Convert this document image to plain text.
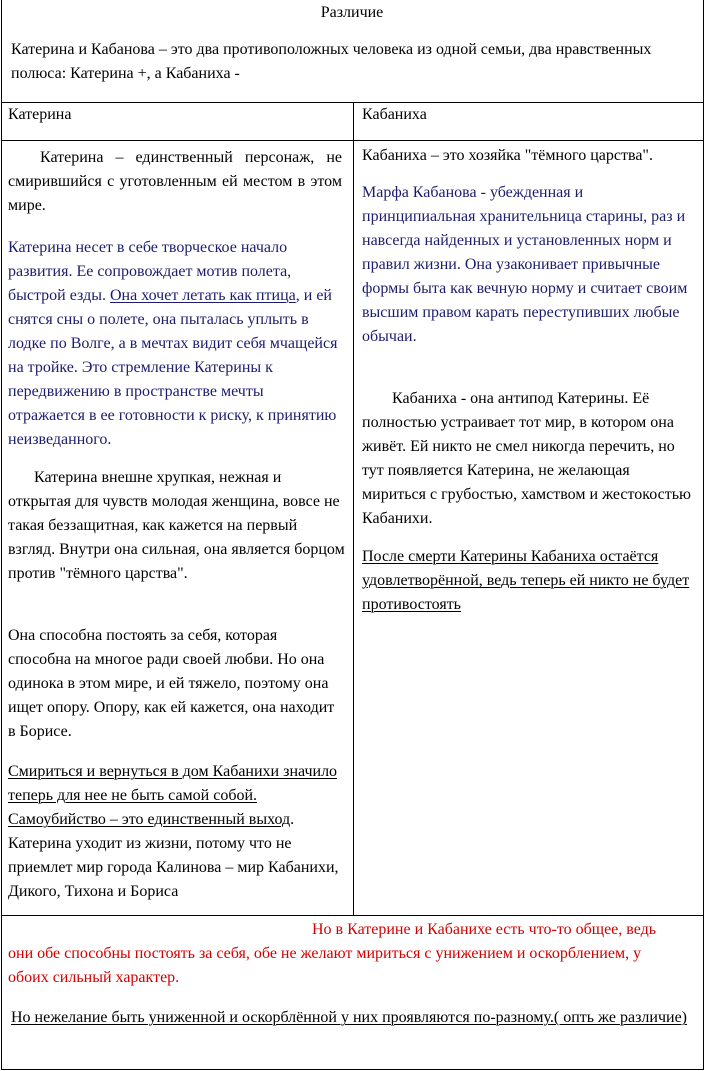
Различие

Катерина и Кабанова – это два противоположных человека из одной семьи, два нравственных полюса: Катерина +, а Кабаниха -

Катерина	Кабаниха

Катерина – единственный персонаж, не смирившийся с уготовленным ей местом в этом мире.

Катерина несет в себе творческое начало развития. Ее сопровождает мотив полета, быстрой езды. Она хочет летать как птица, и ей снятся сны о полете, она пыталась уплыть в лодке по Волге, а в мечтах видит себя мчащейся на тройке. Это стремление Катерины к передвижению в пространстве мечты отражается в ее готовности к риску, к принятию неизведанного.

Катерина внешне хрупкая, нежная и открытая для чувств молодая женщина, вовсе не такая беззащитная, как кажется на первый взгляд. Внутри она сильная, она является борцом против "тёмного царства".

Она способна постоять за себя, которая способна на многое ради своей любви. Но она одинока в этом мире, и ей тяжело, поэтому она ищет опору. Опору, как ей кажется, она находит в Борисе.

Смириться и вернуться в дом Кабанихи значило теперь для нее не быть самой собой. Самоубийство – это единственный выход. Катерина уходит из жизни, потому что не приемлет мир города Калинова – мир Кабанихи, Дикого, Тихона и Бориса

Кабаниха – это хозяйка "тёмного царства".

Марфа Кабанова - убежденная и принципиальная хранительница старины, раз и навсегда найденных и установленных норм и правил жизни. Она узаконивает привычные формы быта как вечную норму и считает своим высшим правом карать переступивших любые обычаи.

Кабаниха - она антипод Катерины. Её полностью устраивает тот мир, в котором она живёт. Ей никто не смел никогда перечить, но тут появляется Катерина, не желающая мириться с грубостью, хамством и жестокостью Кабанихи.

После смерти Катерины Кабаниха остаётся удовлетворённой, ведь теперь ей никто не будет противостоять

Но в Катерине и Кабанихе есть что-то общее, ведь они обе способны постоять за себя, обе не желают мириться с унижением и оскорблением, у обоих сильный характер.

Но нежелание быть униженной и оскорблённой у них проявляются по-разному.( опть же различие)
